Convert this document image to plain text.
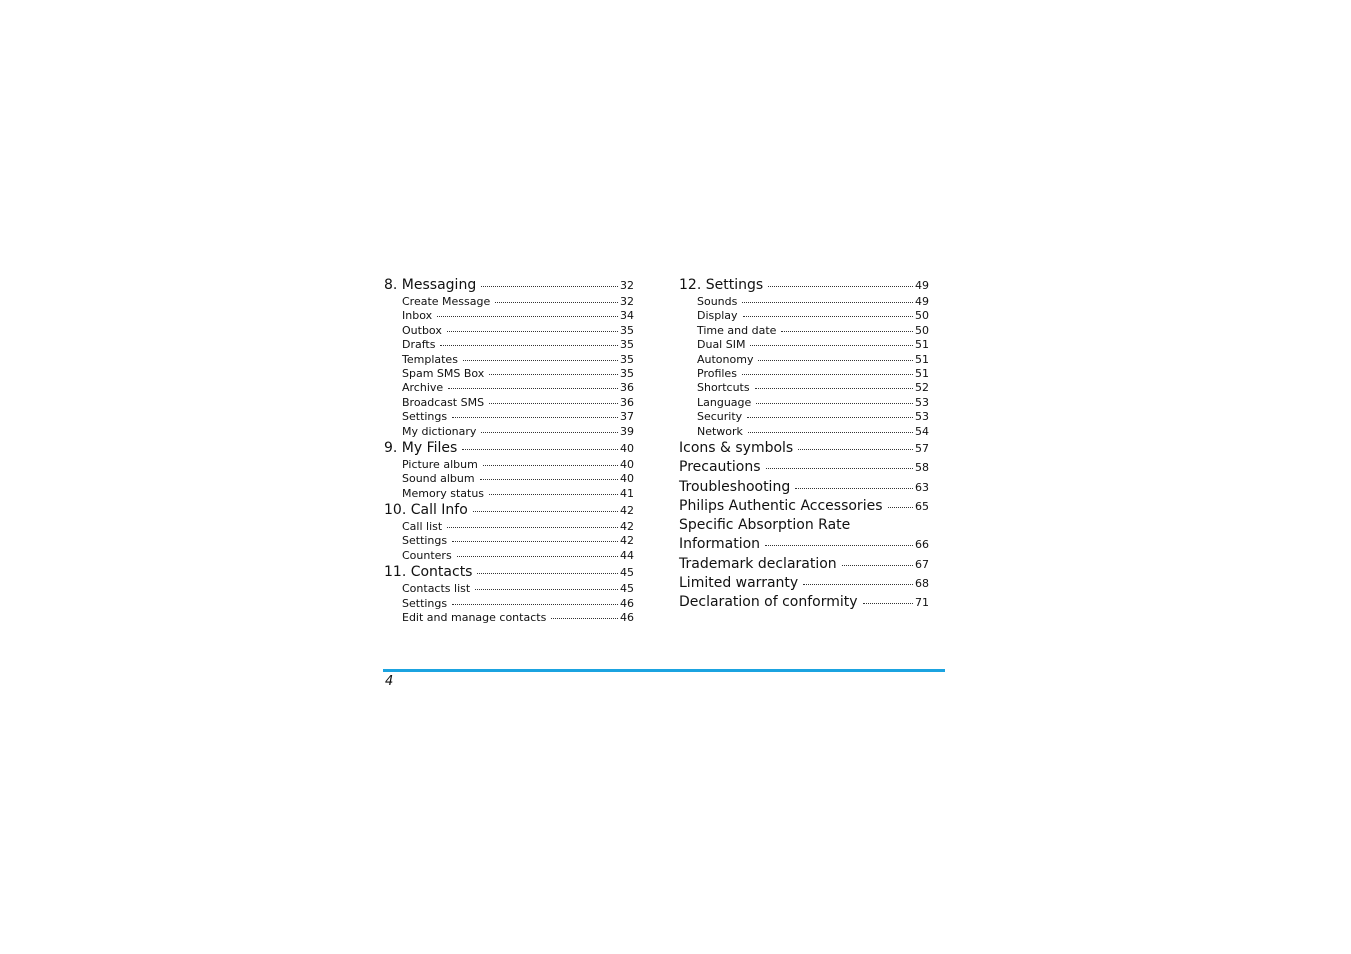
8. Messaging	32
Create Message	32
Inbox	34
Outbox	35
Drafts	35
Templates	35
Spam SMS Box	35
Archive	36
Broadcast SMS	36
Settings	37
My dictionary	39
9. My Files	40
Picture album	40
Sound album	40
Memory status	41
10. Call Info	42
Call list	42
Settings	42
Counters	44
11. Contacts	45
Contacts list	45
Settings	46
Edit and manage contacts	46
12. Settings	49
Sounds	49
Display	50
Time and date	50
Dual SIM	51
Autonomy	51
Profiles	51
Shortcuts	52
Language	53
Security	53
Network	54
Icons & symbols	57
Precautions	58
Troubleshooting	63
Philips Authentic Accessories	65
Specific Absorption Rate
Information	66
Trademark declaration	67
Limited warranty	68
Declaration of conformity	71
4
